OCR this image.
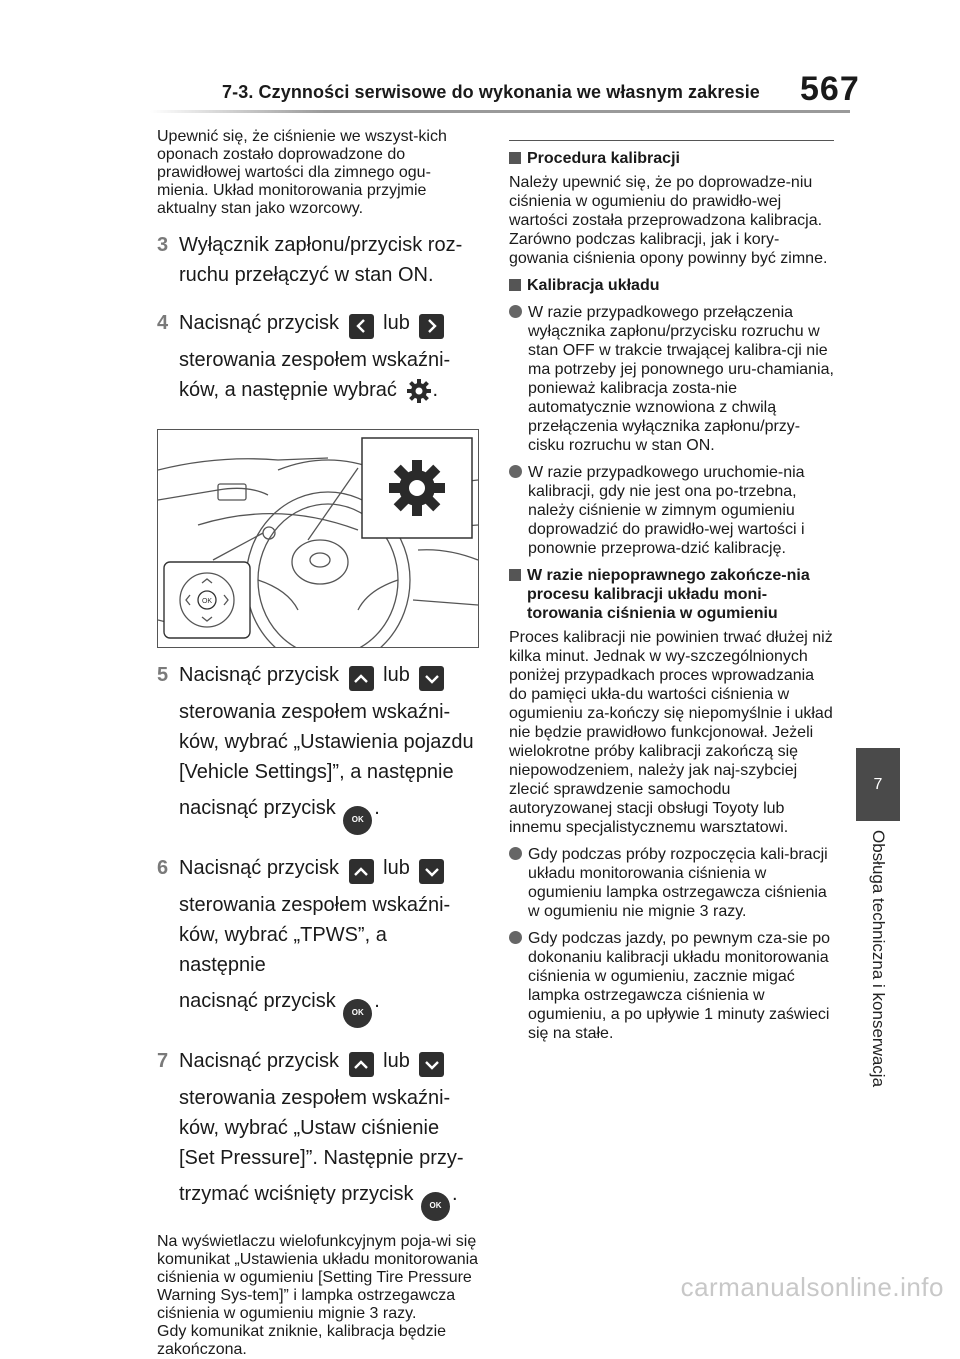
7-3. Czynności serwisowe do wykonania we własnym zakresie 567
7
Obsługa techniczna i konserwacja
Upewnić się, że ciśnienie we wszyst-kich oponach zostało doprowadzone do prawidłowej wartości dla zimnego ogu-mienia. Układ monitorowania przyjmie aktualny stan jako wzorcowy.
3 Wyłącznik zapłonu/przycisk roz-ruchu przełączyć w stan ON.

4 Nacisnąć przycisk lub

sterowania zespołem wskaźni-ków, a następnie wybrać .

OK
5 Nacisnąć przycisk lub

sterowania zespołem wskaźni-ków, wybrać „Ustawienia pojazdu [Vehicle Settings]”, a następnie

nacisnąć przycisk
OK
.

6 Nacisnąć przycisk lub

sterowania zespołem wskaźni-ków, wybrać „TPWS”, a następnie

nacisnąć przycisk
OK
.

7 Nacisnąć przycisk lub

sterowania zespołem wskaźni-ków, wybrać „Ustaw ciśnienie [Set Pressure]”. Następnie przy-

trzymać wciśnięty przycisk
OK
.

Na wyświetlaczu wielofunkcyjnym poja-wi się komunikat „Ustawienia układu monitorowania ciśnienia w ogumieniu [Setting Tire Pressure Warning Sys-tem]” i lampka ostrzegawcza ciśnienia w ogumieniu mignie 3 razy.
Gdy komunikat zniknie, kalibracja będzie zakończona.
Procedura kalibracji
Należy upewnić się, że po doprowadze-niu ciśnienia w ogumieniu do prawidło-wej wartości została przeprowadzona kalibracja.
Zarówno podczas kalibracji, jak i kory-gowania ciśnienia opony powinny być zimne.
Kalibracja układu
W razie przypadkowego przełączenia wyłącznika zapłonu/przycisku rozruchu w stan OFF w trakcie trwającej kalibra-cji nie ma potrzeby jej ponownego uru-chamiania, ponieważ kalibracja zosta-nie automatycznie wznowiona z chwilą przełączenia wyłącznika zapłonu/przy-cisku rozruchu w stan ON.
W razie przypadkowego uruchomie-nia kalibracji, gdy nie jest ona po-trzebna, należy ciśnienie w zimnym ogumieniu doprowadzić do prawidło-wej wartości i ponownie przeprowa-dzić kalibrację.
W razie niepoprawnego zakończe-nia procesu kalibracji układu moni-torowania ciśnienia w ogumieniu
Proces kalibracji nie powinien trwać dłużej niż kilka minut. Jednak w wy-szczególnionych poniżej przypadkach proces wprowadzania do pamięci ukła-du wartości ciśnienia w ogumieniu za-kończy się niepomyślnie i układ nie będzie prawidłowo funkcjonował. Jeżeli wielokrotne próby kalibracji zakończą się niepowodzeniem, należy jak naj-szybciej zlecić sprawdzenie samochodu autoryzowanej stacji obsługi Toyoty lub innemu specjalistycznemu warsztatowi.
Gdy podczas próby rozpoczęcia kali-bracji układu monitorowania ciśnienia w ogumieniu lampka ostrzegawcza ciśnienia w ogumieniu nie mignie 3 razy.
Gdy podczas jazdy, po pewnym cza-sie po dokonaniu kalibracji układu monitorowania ciśnienia w ogumieniu, zacznie migać lampka ostrzegawcza ciśnienia w ogumieniu, a po upływie 1 minuty zaświeci się na stałe.
carmanualsonline.info
